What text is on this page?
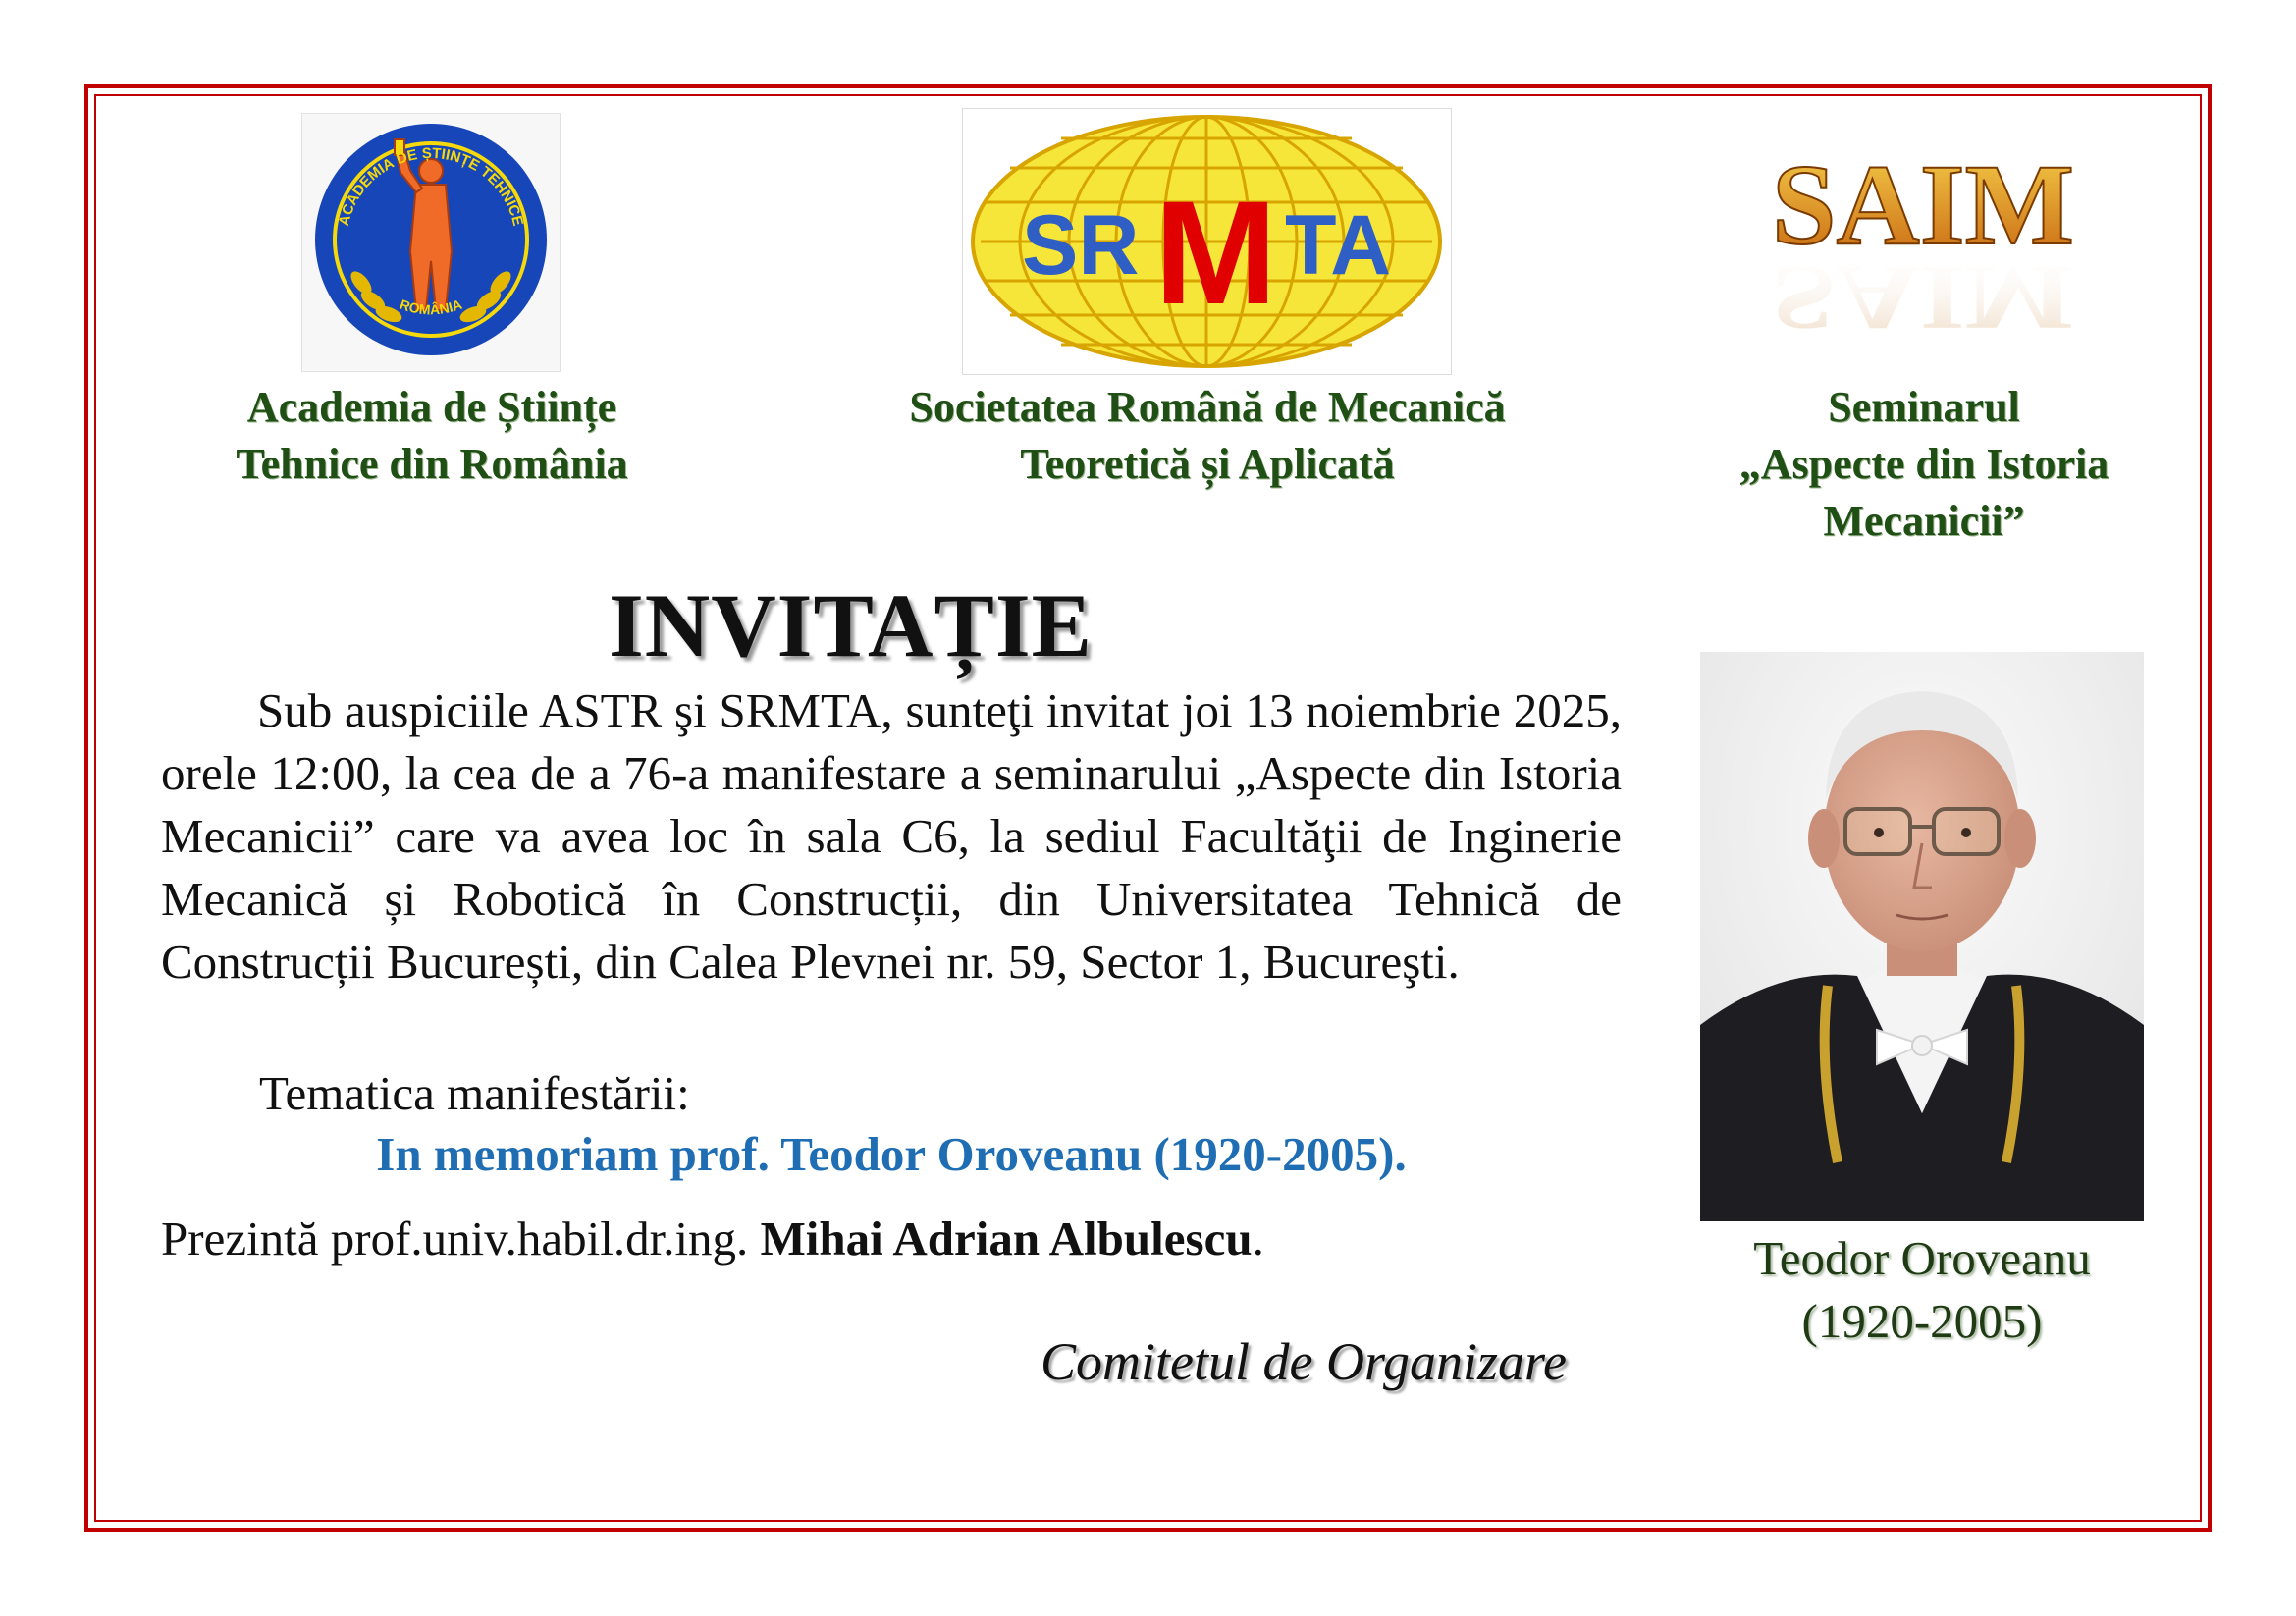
ACADEMIA DE ȘTIINȚE TEHNICE
ROMÂNIA
SR M TA	SAIM
SAIM
Academia de Științe
Tehnice din România
Societatea Română de Mecanică
Teoretică și Aplicată
Seminarul
„Aspecte din Istoria
Mecanicii”
INVITAȚIE

Sub auspiciile ASTR şi SRMTA, sunteţi invitat joi 13 noiembrie 2025, orele 12:00, la cea de a 76-a manifestare a seminarului „Aspecte din Istoria Mecanicii” care va avea loc în sala C6, la sediul Facultăţii de Inginerie Mecanică și Robotică în Construcții, din Universitatea Tehnică de Construcții București, din Calea Plevnei nr. 59, Sector 1, Bucureşti.

Tematica manifestării:
In memoriam prof. Teodor Oroveanu (1920-2005).
Prezintă prof.univ.habil.dr.ing. Mihai Adrian Albulescu.
Comitetul de Organizare
Teodor Oroveanu
(1920-2005)
